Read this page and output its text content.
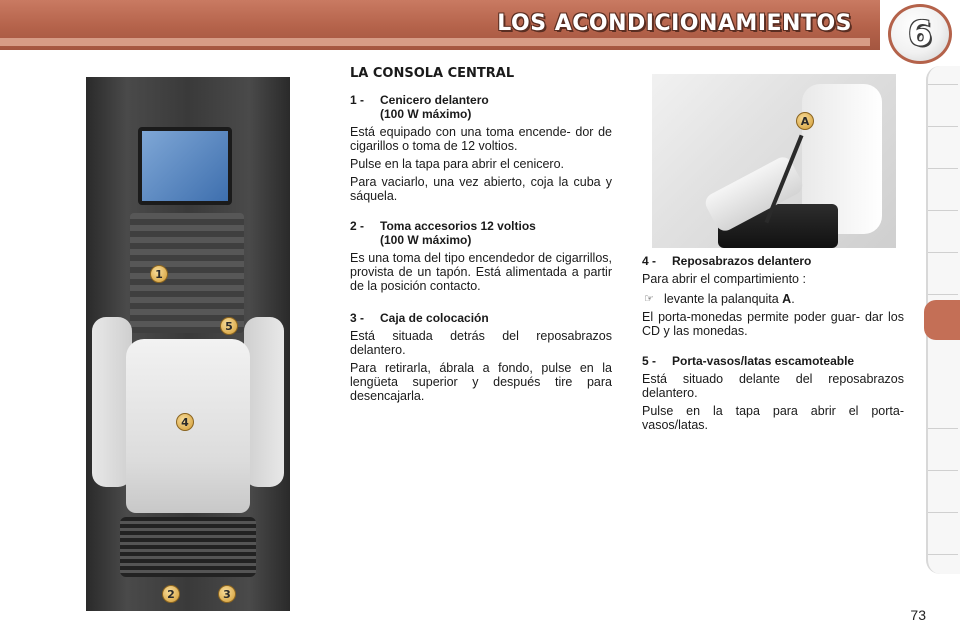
LOS ACONDICIONAMIENTOS	6
1
5
4
2	3
A
LA CONSOLA CENTRAL
1 -	Cenicero delantero
(100 W máximo)

Está equipado con una toma encende- dor de cigarillos o toma de 12 voltios.

Pulse en la tapa para abrir el cenicero.

Para vaciarlo, una vez abierto, coja la cuba y sáquela.

2 -	Toma accesorios 12 voltios
(100 W máximo)

Es una toma del tipo encendedor de cigarrillos, provista de un tapón. Está alimentada a partir de la posición contacto.

3 -	Caja de colocación

Está situada detrás del reposabrazos delantero.

Para retirarla, ábrala a fondo, pulse en la lengüeta superior y después tire para desencajarla.

4 -	Reposabrazos delantero

Para abrir el compartimiento :

☞ levante la palanquita A.

El porta-monedas permite poder guar- dar los CD y las monedas.

5 -	Porta-vasos/latas escamoteable

Está situado delante del reposabrazos delantero.

Pulse en la tapa para abrir el porta- vasos/latas.

73
